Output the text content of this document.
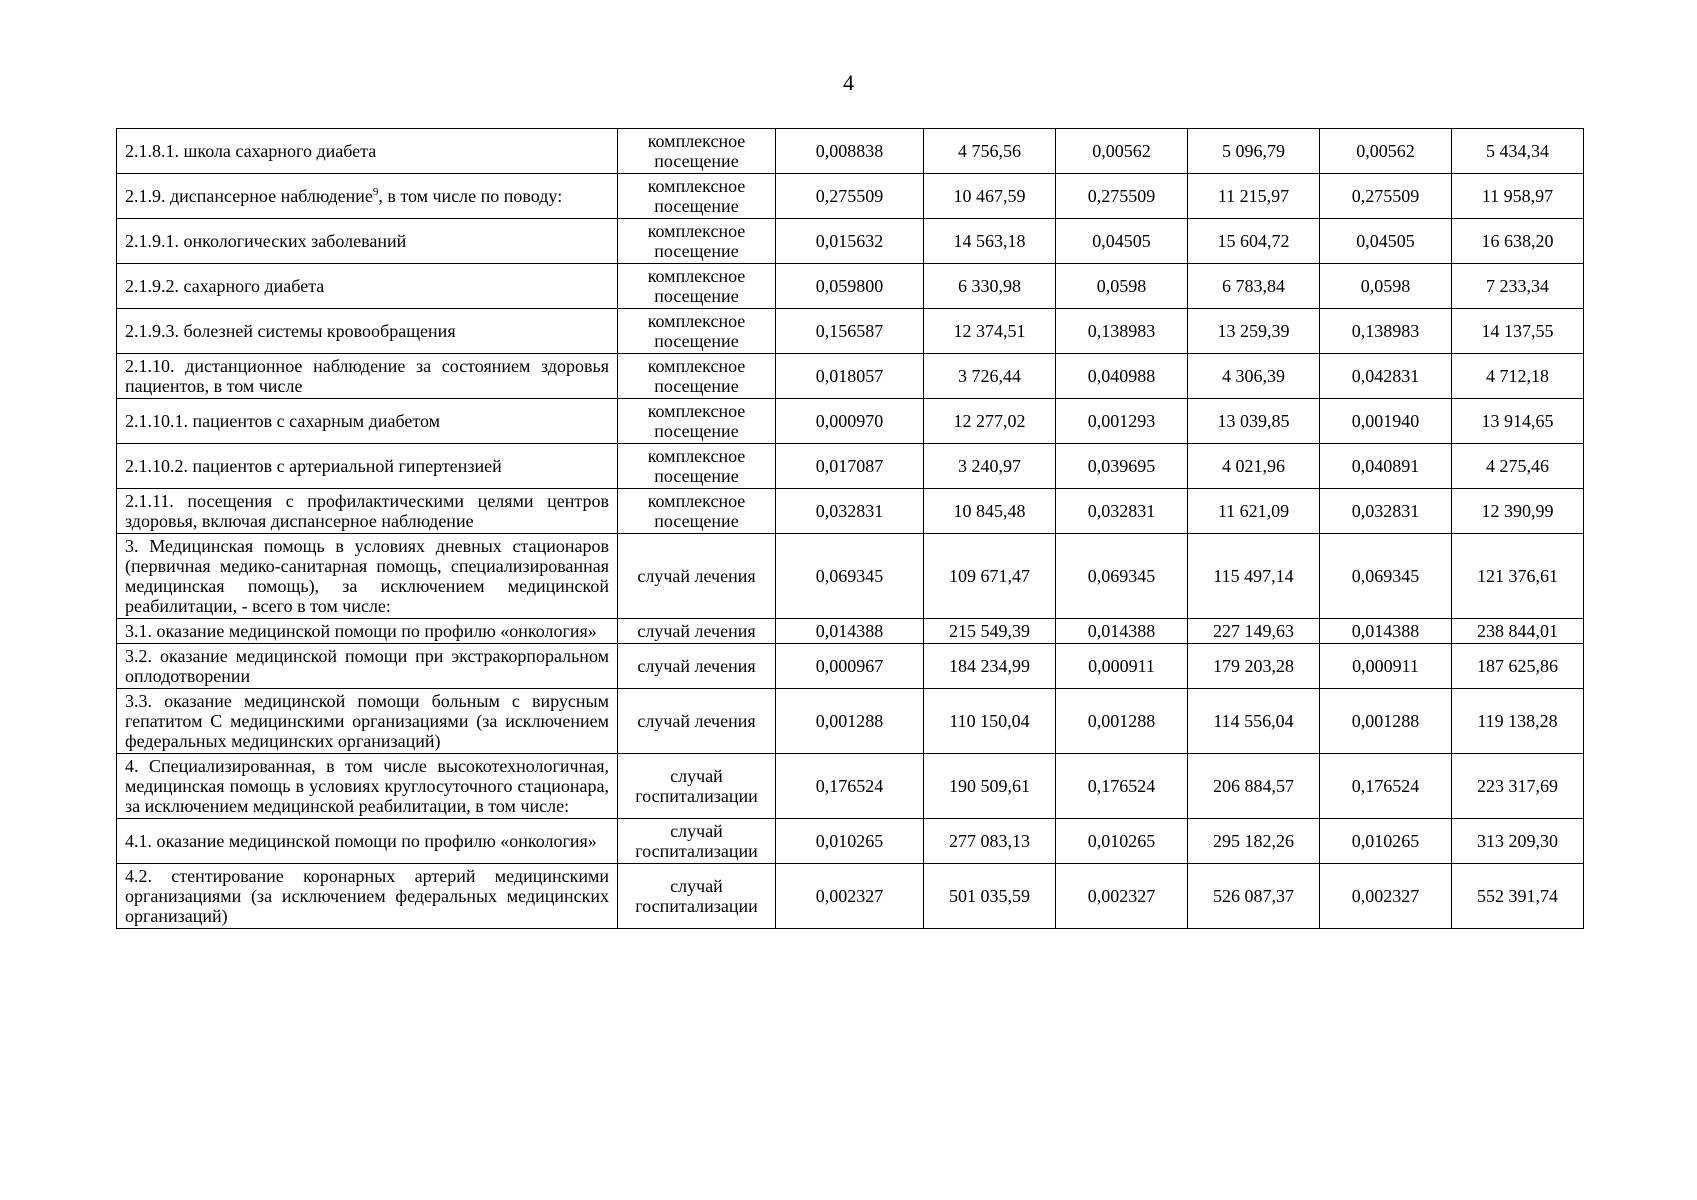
4
2.1.8.1. школа сахарного диабета	комплексное посещение	0,008838	4 756,56	0,00562	5 096,79	0,00562	5 434,34
2.1.9. диспансерное наблюдение$^9$, в том числе по поводу:	комплексное посещение	0,275509	10 467,59	0,275509	11 215,97	0,275509	11 958,97
2.1.9.1. онкологических заболеваний	комплексное посещение	0,015632	14 563,18	0,04505	15 604,72	0,04505	16 638,20
2.1.9.2. сахарного диабета	комплексное посещение	0,059800	6 330,98	0,0598	6 783,84	0,0598	7 233,34
2.1.9.3. болезней системы кровообращения	комплексное посещение	0,156587	12 374,51	0,138983	13 259,39	0,138983	14 137,55
2.1.10. дистанционное наблюдение за состоянием здоровья пациентов, в том числе	комплексное посещение	0,018057	3 726,44	0,040988	4 306,39	0,042831	4 712,18
2.1.10.1. пациентов с сахарным диабетом	комплексное посещение	0,000970	12 277,02	0,001293	13 039,85	0,001940	13 914,65
2.1.10.2. пациентов с артериальной гипертензией	комплексное посещение	0,017087	3 240,97	0,039695	4 021,96	0,040891	4 275,46
2.1.11. посещения с профилактическими целями центров здоровья, включая диспансерное наблюдение	комплексное посещение	0,032831	10 845,48	0,032831	11 621,09	0,032831	12 390,99
3. Медицинская помощь в условиях дневных стационаров (первичная медико-санитарная помощь, специализированная медицинская помощь), за исключением медицинской реабилитации, - всего в том числе:	случай лечения	0,069345	109 671,47	0,069345	115 497,14	0,069345	121 376,61
3.1. оказание медицинской помощи по профилю «онкология»	случай лечения	0,014388	215 549,39	0,014388	227 149,63	0,014388	238 844,01
3.2. оказание медицинской помощи при экстракорпоральном оплодотворении	случай лечения	0,000967	184 234,99	0,000911	179 203,28	0,000911	187 625,86
3.3. оказание медицинской помощи больным с вирусным гепатитом С медицинскими организациями (за исключением федеральных медицинских организаций)	случай лечения	0,001288	110 150,04	0,001288	114 556,04	0,001288	119 138,28
4. Специализированная, в том числе высокотехнологичная, медицинская помощь в условиях круглосуточного стационара, за исключением медицинской реабилитации, в том числе:	случай госпитализации	0,176524	190 509,61	0,176524	206 884,57	0,176524	223 317,69
4.1. оказание медицинской помощи по профилю «онкология»	случай госпитализации	0,010265	277 083,13	0,010265	295 182,26	0,010265	313 209,30
4.2. стентирование коронарных артерий медицинскими организациями (за исключением федеральных медицинских организаций)	случай госпитализации	0,002327	501 035,59	0,002327	526 087,37	0,002327	552 391,74
